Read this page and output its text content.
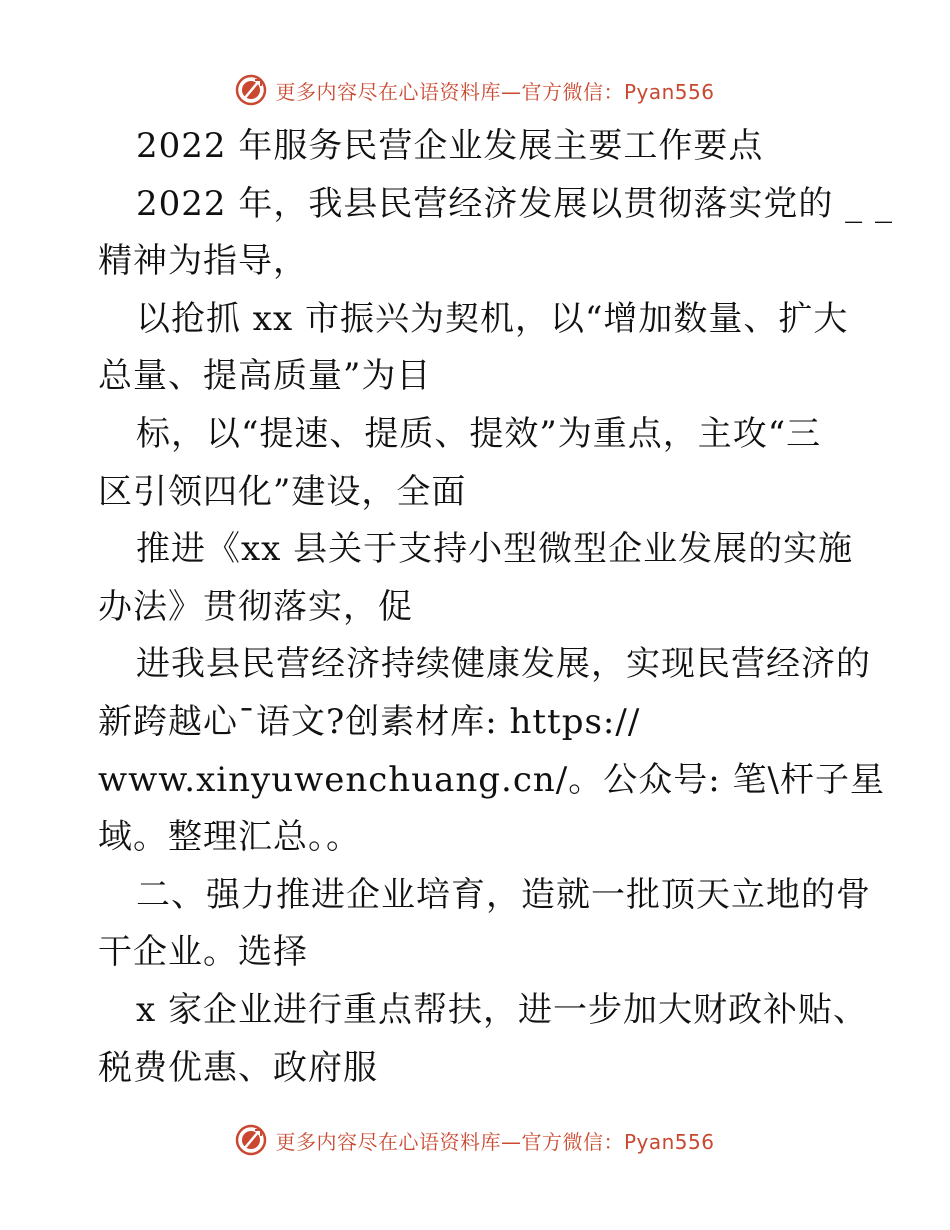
更多内容尽在心语资料库—官方微信：Pyan556
2022 年服务民营企业发展主要工作要点
2022 年，我县民营经济发展以贯彻落实党的 _ _
精神为指导，
以抢抓 xx 市振兴为契机，以“增加数量、扩大
总量、提高质量”为目
标，以“提速、提质、提效”为重点，主攻“三
区引领四化”建设，全面
推进《xx 县关于支持小型微型企业发展的实施
办法》贯彻落实，促
进我县民营经济持续健康发展，实现民营经济的
新跨越心¯语文?创素材库: https://
www.xinyuwenchuang.cn/。公众号: 笔\杆子星
域。整理汇总。。
二、强力推进企业培育，造就一批顶天立地的骨
干企业。选择
x 家企业进行重点帮扶，进一步加大财政补贴、
税费优惠、政府服
更多内容尽在心语资料库—官方微信：Pyan556
